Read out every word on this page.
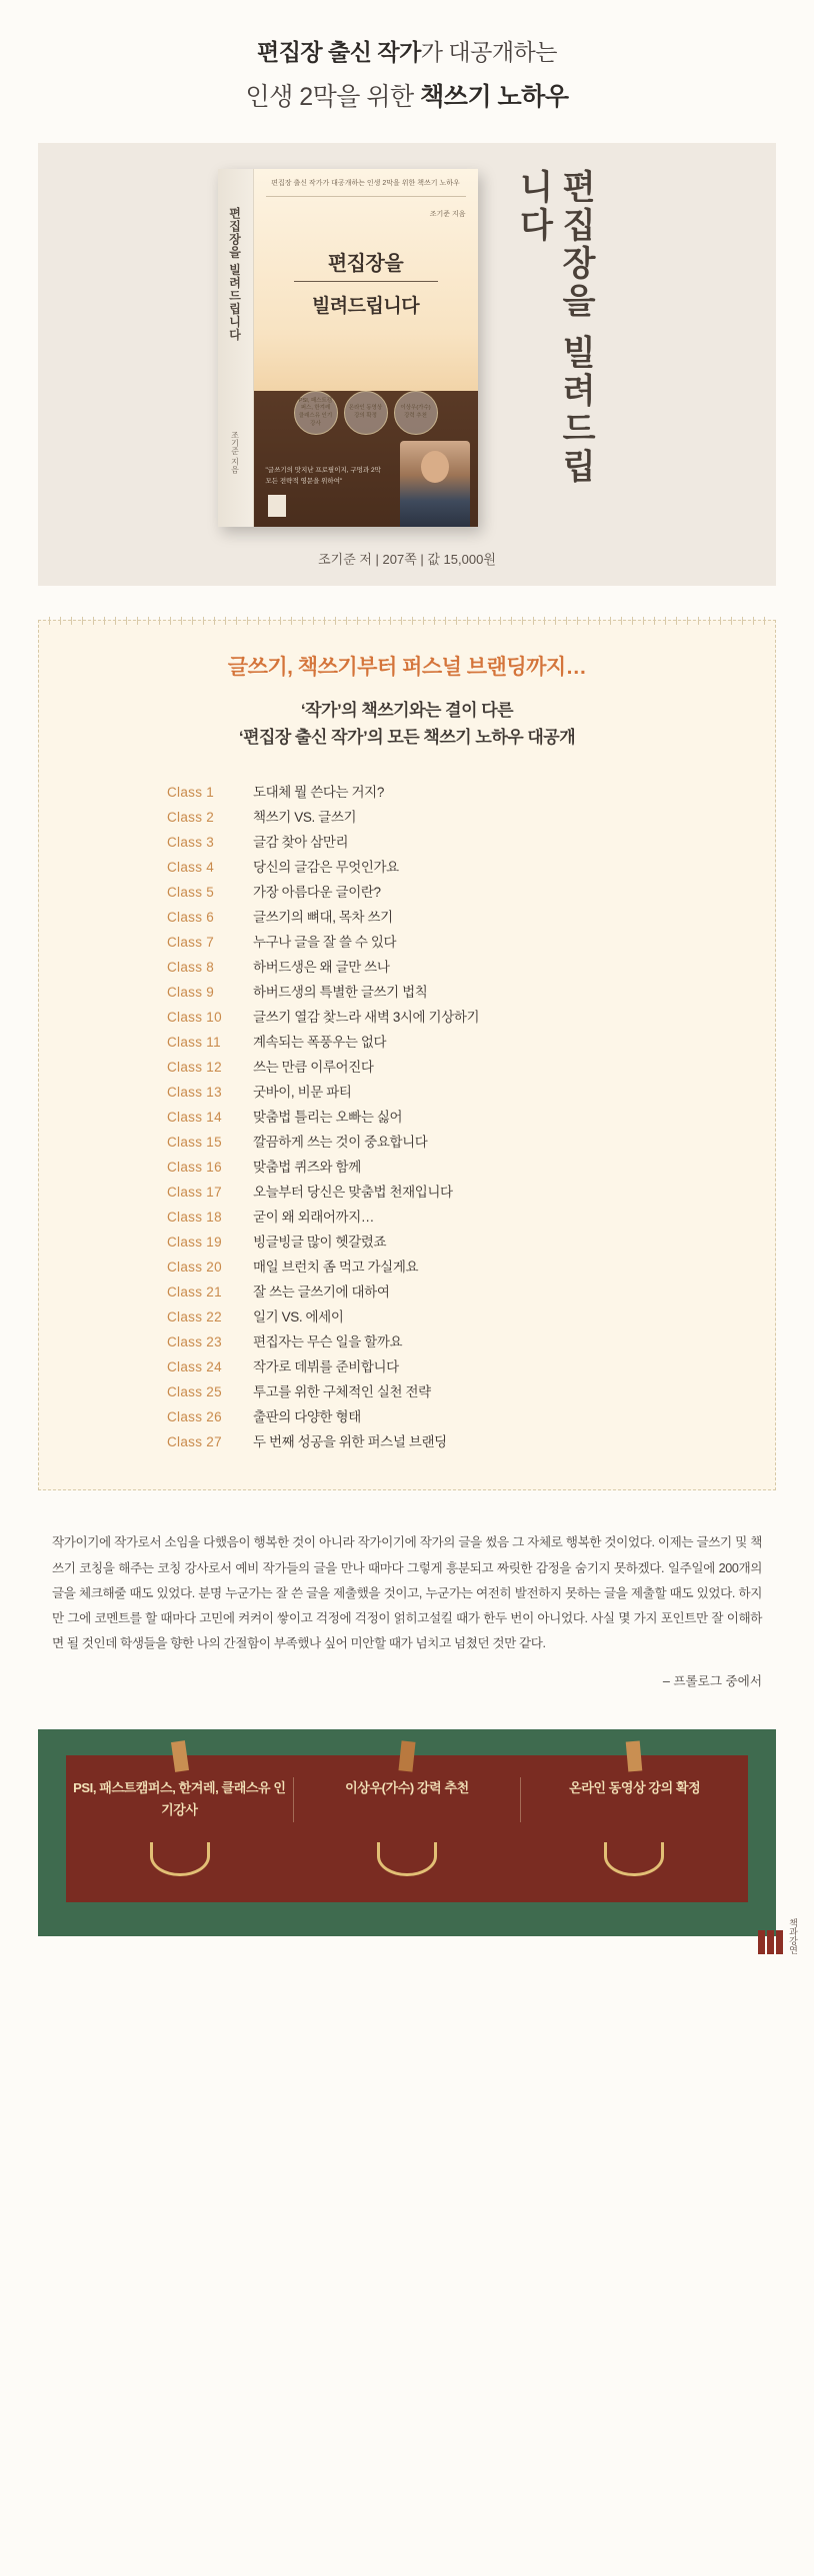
편집장 출신 작가가 대공개하는
인생 2막을 위한 책쓰기 노하우
편집장을 빌려드립니다
조기준 지음
편집장 출신 작가가 대공개하는 인생 2막을 위한 책쓰기 노하우
조기준 지음
편집장을
빌려드립니다
PSI, 패스트캠퍼스, 한겨레 클래스유 인기강사
온라인 동영상 강의 확정
이상우(가수) 강력 추천
"글쓰기의 맛지난 프로필이지, 구멍과 2막 모든 전략적 영문을 위하여"	편집장을 빌려드립니다
조기준 저 | 207쪽 | 값 15,000원
글쓰기, 책쓰기부터 퍼스널 브랜딩까지…
‘작가’의 책쓰기와는 결이 다른
‘편집장 출신 작가’의 모든 책쓰기 노하우 대공개
Class 1	도대체 뭘 쓴다는 거지?
Class 2	책쓰기 VS. 글쓰기
Class 3	글감 찾아 삼만리
Class 4	당신의 글감은 무엇인가요
Class 5	가장 아름다운 글이란?
Class 6	글쓰기의 뼈대, 목차 쓰기
Class 7	누구나 글을 잘 쓸 수 있다
Class 8	하버드생은 왜 글만 쓰나
Class 9	하버드생의 특별한 글쓰기 법칙
Class 10	글쓰기 열감 찾느라 새벽 3시에 기상하기
Class 11	계속되는 폭풍우는 없다
Class 12	쓰는 만큼 이루어진다
Class 13	굿바이, 비문 파티
Class 14	맞춤법 틀리는 오빠는 싫어
Class 15	깔끔하게 쓰는 것이 중요합니다
Class 16	맞춤법 퀴즈와 함께
Class 17	오늘부터 당신은 맞춤법 천재입니다
Class 18	굳이 왜 외래어까지…
Class 19	빙글빙글 많이 헷갈렸죠
Class 20	매일 브런치 좀 먹고 가실게요
Class 21	잘 쓰는 글쓰기에 대하여
Class 22	일기 VS. 에세이
Class 23	편집자는 무슨 일을 할까요
Class 24	작가로 데뷔를 준비합니다
Class 25	투고를 위한 구체적인 실천 전략
Class 26	출판의 다양한 형태
Class 27	두 번째 성공을 위한 퍼스널 브랜딩
작가이기에 작가로서 소임을 다했음이 행복한 것이 아니라 작가이기에 작가의 글을 썼음 그 자체로 행복한 것이었다. 이제는 글쓰기 및 책 쓰기 코칭을 해주는 코칭 강사로서 예비 작가들의 글을 만나 때마다 그렇게 흥분되고 짜릿한 감정을 숨기지 못하겠다. 일주일에 200개의 글을 체크해줄 때도 있었다. 분명 누군가는 잘 쓴 글을 제출했을 것이고, 누군가는 여전히 발전하지 못하는 글을 제출할 때도 있었다. 하지만 그에 코멘트를 할 때마다 고민에 켜켜이 쌓이고 걱정에 걱정이 얽히고설킬 때가 한두 번이 아니었다. 사실 몇 가지 포인트만 잘 이해하면 될 것인데 학생들을 향한 나의 간절함이 부족했나 싶어 미안할 때가 넘치고 넘쳤던 것만 같다.
– 프롤로그 중에서
PSI, 패스트캠퍼스, 한겨레, 클래스유 인기강사
이상우(가수) 강력 추천	온라인 동영상 강의 확정
책과강연
